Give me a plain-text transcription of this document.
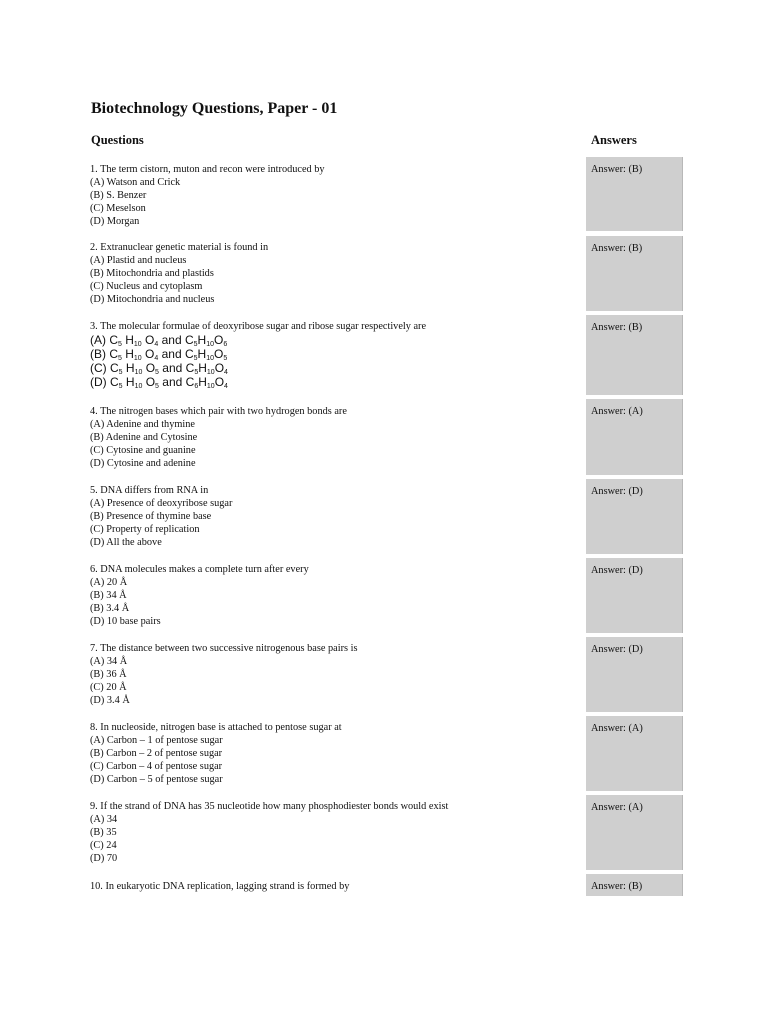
Biotechnology Questions, Paper - 01
Questions	Answers
1. The term cistorn, muton and recon were introduced by
(A) Watson and Crick
(B) S. Benzer
(C) Meselson
(D) Morgan
Answer: (B)
2. Extranuclear genetic material is found in
(A) Plastid and nucleus
(B) Mitochondria and plastids
(C) Nucleus and cytoplasm
(D) Mitochondria and nucleus
Answer: (B)
3. The molecular formulae of deoxyribose sugar and ribose sugar respectively are
(A) $C_5$ $H_{10}$ $O_4$ and $C_5H_{10}O_6$
(B) $C_5$ $H_{10}$ $O_4$ and $C_5H_{10}O_5$
(C) $C_5$ $H_{10}$ $O_5$ and $C_5H_{10}O_4$
(D) $C_5$ $H_{10}$ $O_5$ and $C_6H_{10}O_4$
Answer: (B)
4. The nitrogen bases which pair with two hydrogen bonds are
(A) Adenine and thymine
(B) Adenine and Cytosine
(C) Cytosine and guanine
(D) Cytosine and adenine
Answer: (A)
5. DNA differs from RNA in
(A) Presence of deoxyribose sugar
(B) Presence of thymine base
(C) Property of replication
(D) All the above
Answer: (D)
6. DNA molecules makes a complete turn after every
(A) 20 Å
(B) 34 Å
(B) 3.4 Å
(D) 10 base pairs
Answer: (D)
7. The distance between two successive nitrogenous base pairs is
(A) 34 Å
(B) 36 Å
(C) 20 Å
(D) 3.4 Å
Answer: (D)
8. In nucleoside, nitrogen base is attached to pentose sugar at
(A) Carbon – 1 of pentose sugar
(B) Carbon – 2 of pentose sugar
(C) Carbon – 4 of pentose sugar
(D) Carbon – 5 of pentose sugar
Answer: (A)
9. If the strand of DNA has 35 nucleotide how many phosphodiester bonds would exist
(A) 34
(B) 35
(C) 24
(D) 70
Answer: (A)
10. In eukaryotic DNA replication, lagging strand is formed by	Answer: (B)
